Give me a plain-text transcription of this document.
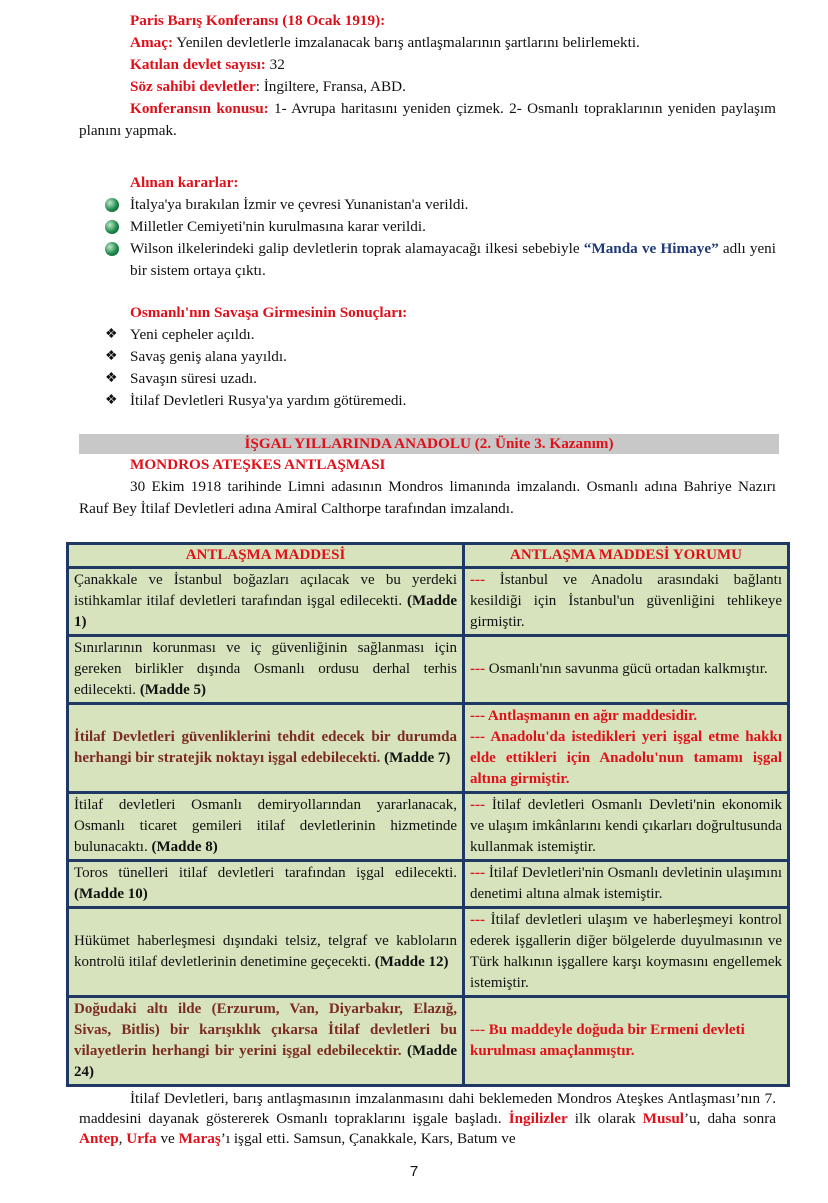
Paris Barış Konferansı (18 Ocak 1919):
Amaç: Yenilen devletlerle imzalanacak barış antlaşmalarının şartlarını belirlemekti.
Katılan devlet sayısı: 32
Söz sahibi devletler: İngiltere, Fransa, ABD.
Konferansın konusu: 1- Avrupa haritasını yeniden çizmek. 2- Osmanlı topraklarının yeniden paylaşım planını yapmak.
Alınan kararlar:
İtalya'ya bırakılan İzmir ve çevresi Yunanistan'a verildi.
Milletler Cemiyeti'nin kurulmasına karar verildi.
Wilson ilkelerindeki galip devletlerin toprak alamayacağı ilkesi sebebiyle “Manda ve Himaye” adlı yeni bir sistem ortaya çıktı.
Osmanlı'nın Savaşa Girmesinin Sonuçları:
❖ Yeni cepheler açıldı.
❖ Savaş geniş alana yayıldı.
❖ Savaşın süresi uzadı.
❖ İtilaf Devletleri Rusya'ya yardım götüremedi.
İŞGAL YILLARINDA ANADOLU (2. Ünite 3. Kazanım)
MONDROS ATEŞKES ANTLAŞMASI
30 Ekim 1918 tarihinde Limni adasının Mondros limanında imzalandı. Osmanlı adına Bahriye Nazırı Rauf Bey İtilaf Devletleri adına Amiral Calthorpe tarafından imzalandı.
ANTLAŞMA MADDESİ	ANTLAŞMA MADDESİ YORUMU
Çanakkale ve İstanbul boğazları açılacak ve bu yerdeki istihkamlar itilaf devletleri tarafından işgal edilecekti. (Madde 1)	--- İstanbul ve Anadolu arasındaki bağlantı kesildiği için İstanbul'un güvenliğini tehlikeye girmiştir.
Sınırlarının korunması ve iç güvenliğinin sağlanması için gereken birlikler dışında Osmanlı ordusu derhal terhis edilecekti. (Madde 5)	--- Osmanlı'nın savunma gücü ortadan kalkmıştır.
İtilaf Devletleri güvenliklerini tehdit edecek bir durumda herhangi bir stratejik noktayı işgal edebilecekti. (Madde 7)	--- Antlaşmanın en ağır maddesidir.
--- Anadolu'da istedikleri yeri işgal etme hakkı elde ettikleri için Anadolu'nun tamamı işgal altına girmiştir.

İtilaf devletleri Osmanlı demiryollarından yararlanacak, Osmanlı ticaret gemileri itilaf devletlerinin hizmetinde bulunacaktı. (Madde 8)	--- İtilaf devletleri Osmanlı Devleti'nin ekonomik ve ulaşım imkânlarını kendi çıkarları doğrultusunda kullanmak istemiştir.
Toros tünelleri itilaf devletleri tarafından işgal edilecekti. (Madde 10)	--- İtilaf Devletleri'nin Osmanlı devletinin ulaşımını denetimi altına almak istemiştir.
Hükümet haberleşmesi dışındaki telsiz, telgraf ve kabloların kontrolü itilaf devletlerinin denetimine geçecekti. (Madde 12)	--- İtilaf devletleri ulaşım ve haberleşmeyi kontrol ederek işgallerin diğer bölgelerde duyulmasının ve Türk halkının işgallere karşı koymasını engellemek istemiştir.
Doğudaki altı ilde (Erzurum, Van, Diyarbakır, Elazığ, Sivas, Bitlis) bir karışıklık çıkarsa İtilaf devletleri bu vilayetlerin herhangi bir yerini işgal edebilecektir. (Madde 24)	--- Bu maddeyle doğuda bir Ermeni devleti kurulması amaçlanmıştır.
İtilaf Devletleri, barış antlaşmasının imzalanmasını dahi beklemeden Mondros Ateşkes Antlaşması’nın 7. maddesini dayanak göstererek Osmanlı topraklarını işgale başladı. İngilizler ilk olarak Musul’u, daha sonra Antep, Urfa ve Maraş’ı işgal etti. Samsun, Çanakkale, Kars, Batum ve
7
